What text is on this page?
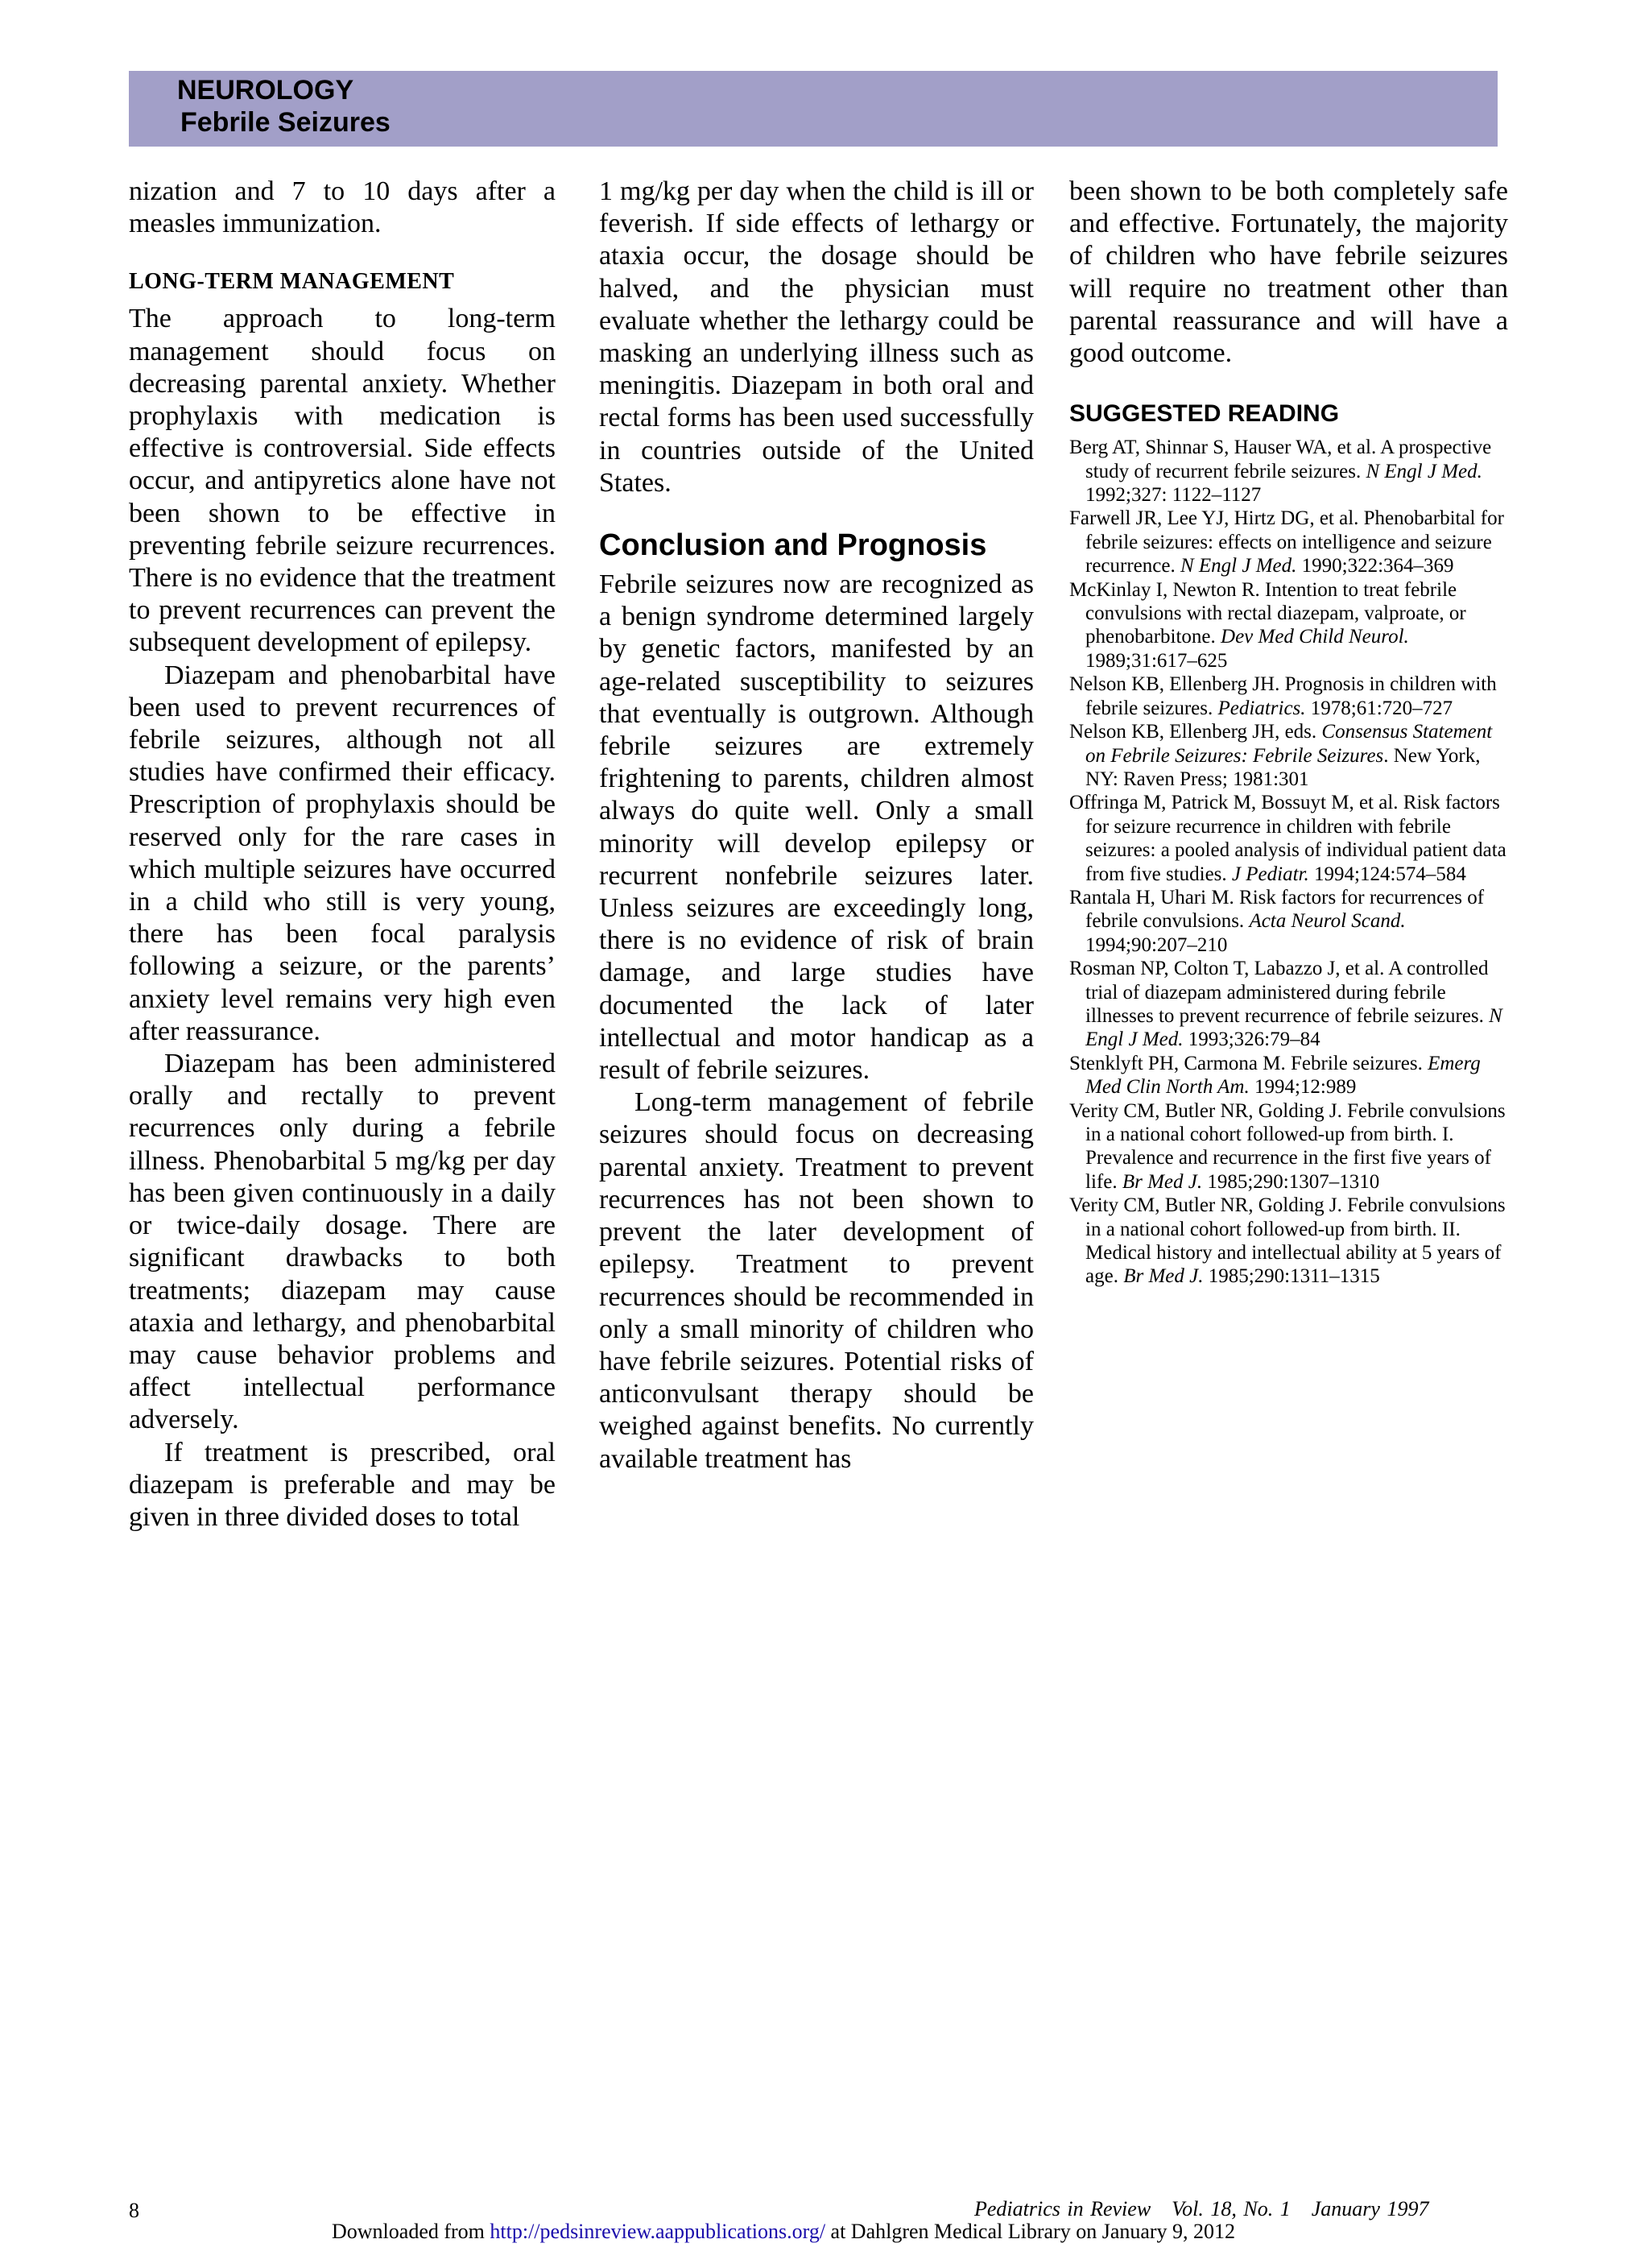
NEUROLOGY
Febrile Seizures

nization and 7 to 10 days after a measles immunization.

LONG-TERM MANAGEMENT

The approach to long-term management should focus on decreasing parental anxiety. Whether prophylaxis with medication is effective is controversial. Side effects occur, and antipyretics alone have not been shown to be effective in preventing febrile seizure recurrences. There is no evidence that the treatment to prevent recurrences can prevent the subsequent development of epilepsy.

Diazepam and phenobarbital have been used to prevent recurrences of febrile seizures, although not all studies have confirmed their efficacy. Prescription of prophylaxis should be reserved only for the rare cases in which multiple seizures have occurred in a child who still is very young, there has been focal paralysis following a seizure, or the parents’ anxiety level remains very high even after reassurance.

Diazepam has been administered orally and rectally to prevent recurrences only during a febrile illness. Phenobarbital 5 mg/kg per day has been given continuously in a daily or twice-daily dosage. There are significant drawbacks to both treatments; diazepam may cause ataxia and lethargy, and phenobarbital may cause behavior problems and affect intellectual performance adversely.

If treatment is prescribed, oral diazepam is preferable and may be given in three divided doses to total

1 mg/kg per day when the child is ill or feverish. If side effects of lethargy or ataxia occur, the dosage should be halved, and the physician must evaluate whether the lethargy could be masking an underlying illness such as meningitis. Diazepam in both oral and rectal forms has been used successfully in countries outside of the United States.

Conclusion and Prognosis

Febrile seizures now are recognized as a benign syndrome determined largely by genetic factors, manifested by an age-related susceptibility to seizures that eventually is outgrown. Although febrile seizures are extremely frightening to parents, children almost always do quite well. Only a small minority will develop epilepsy or recurrent nonfebrile seizures later. Unless seizures are exceedingly long, there is no evidence of risk of brain damage, and large studies have documented the lack of later intellectual and motor handicap as a result of febrile seizures.

Long-term management of febrile seizures should focus on decreasing parental anxiety. Treatment to prevent recurrences has not been shown to prevent the later development of epilepsy. Treatment to prevent recurrences should be recommended in only a small minority of children who have febrile seizures. Potential risks of anticonvulsant therapy should be weighed against benefits. No currently available treatment has

been shown to be both completely safe and effective. Fortunately, the majority of children who have febrile seizures will require no treatment other than parental reassurance and will have a good outcome.

SUGGESTED READING

Berg AT, Shinnar S, Hauser WA, et al. A prospective study of recurrent febrile seizures. N Engl J Med. 1992;327: 1122–1127

Farwell JR, Lee YJ, Hirtz DG, et al. Phenobarbital for febrile seizures: effects on intelligence and seizure recurrence. N Engl J Med. 1990;322:364–369

McKinlay I, Newton R. Intention to treat febrile convulsions with rectal diazepam, valproate, or phenobarbitone. Dev Med Child Neurol. 1989;31:617–625

Nelson KB, Ellenberg JH. Prognosis in children with febrile seizures. Pediatrics. 1978;61:720–727

Nelson KB, Ellenberg JH, eds. Consensus Statement on Febrile Seizures: Febrile Seizures. New York, NY: Raven Press; 1981:301

Offringa M, Patrick M, Bossuyt M, et al. Risk factors for seizure recurrence in children with febrile seizures: a pooled analysis of individual patient data from five studies. J Pediatr. 1994;124:574–584

Rantala H, Uhari M. Risk factors for recurrences of febrile convulsions. Acta Neurol Scand. 1994;90:207–210

Rosman NP, Colton T, Labazzo J, et al. A controlled trial of diazepam administered during febrile illnesses to prevent recurrence of febrile seizures. N Engl J Med. 1993;326:79–84

Stenklyft PH, Carmona M. Febrile seizures. Emerg Med Clin North Am. 1994;12:989

Verity CM, Butler NR, Golding J. Febrile convulsions in a national cohort followed-up from birth. I. Prevalence and recurrence in the first five years of life. Br Med J. 1985;290:1307–1310

Verity CM, Butler NR, Golding J. Febrile convulsions in a national cohort followed-up from birth. II. Medical history and intellectual ability at 5 years of age. Br Med J. 1985;290:1311–1315

8	Pediatrics in Review Vol. 18, No. 1 January 1997
Downloaded from http://pedsinreview.aappublications.org/ at Dahlgren Medical Library on January 9, 2012
